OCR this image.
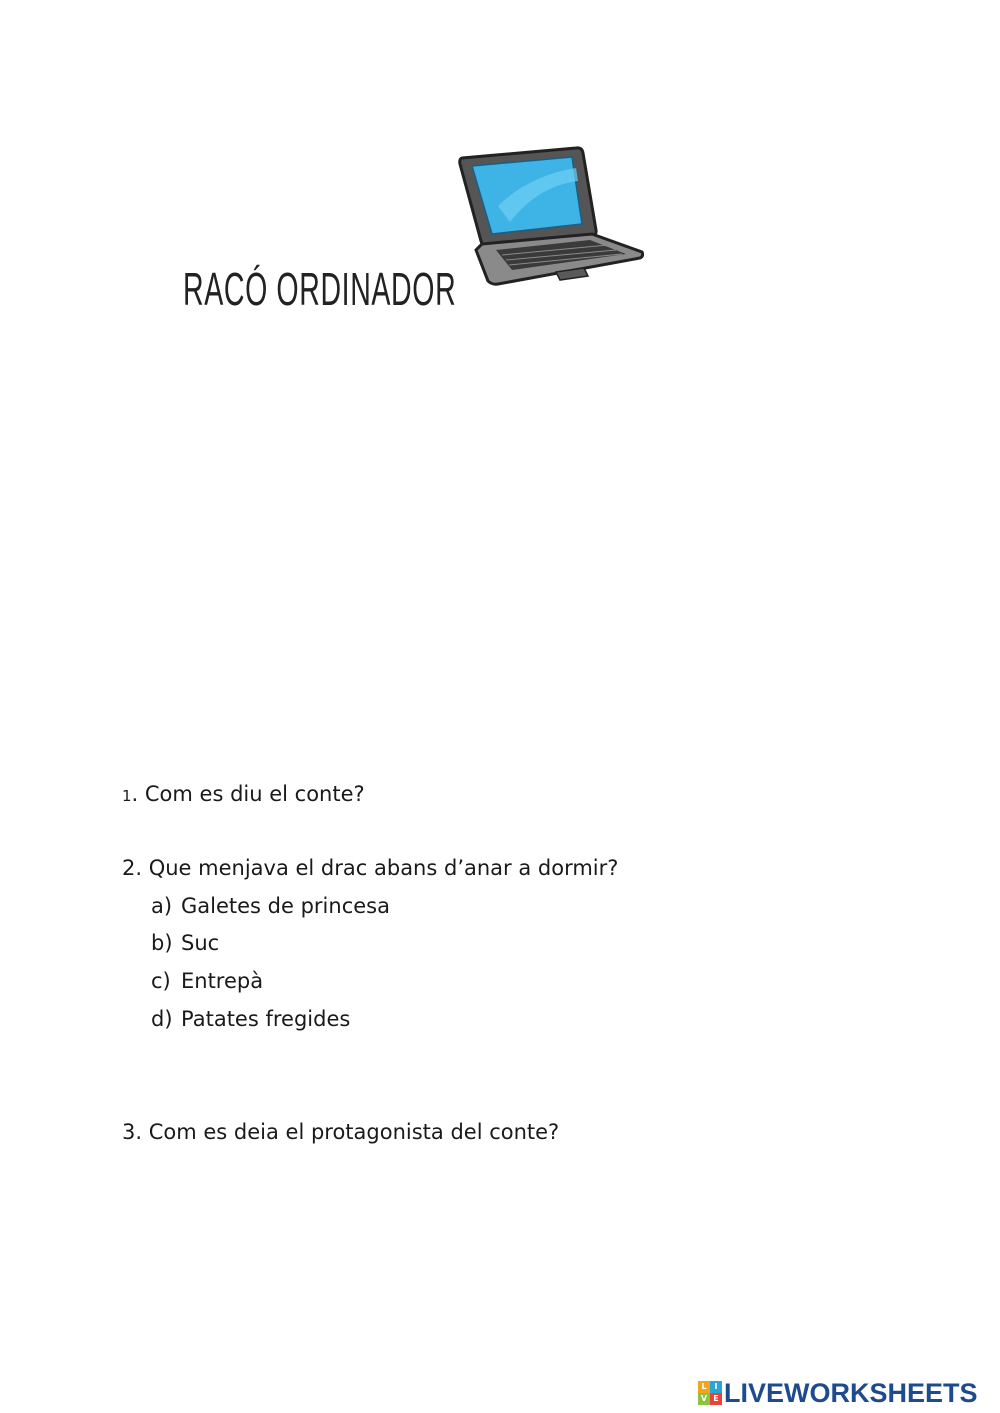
RACÓ ORDINADOR
1. Com es diu el conte?
2. Que menjava el drac abans d’anar a dormir?
a) Galetes de princesa
b) Suc
c) Entrepà
d) Patates fregides
3. Com es deia el protagonista del conte?
L I
V E LIVEWORKSHEETS
